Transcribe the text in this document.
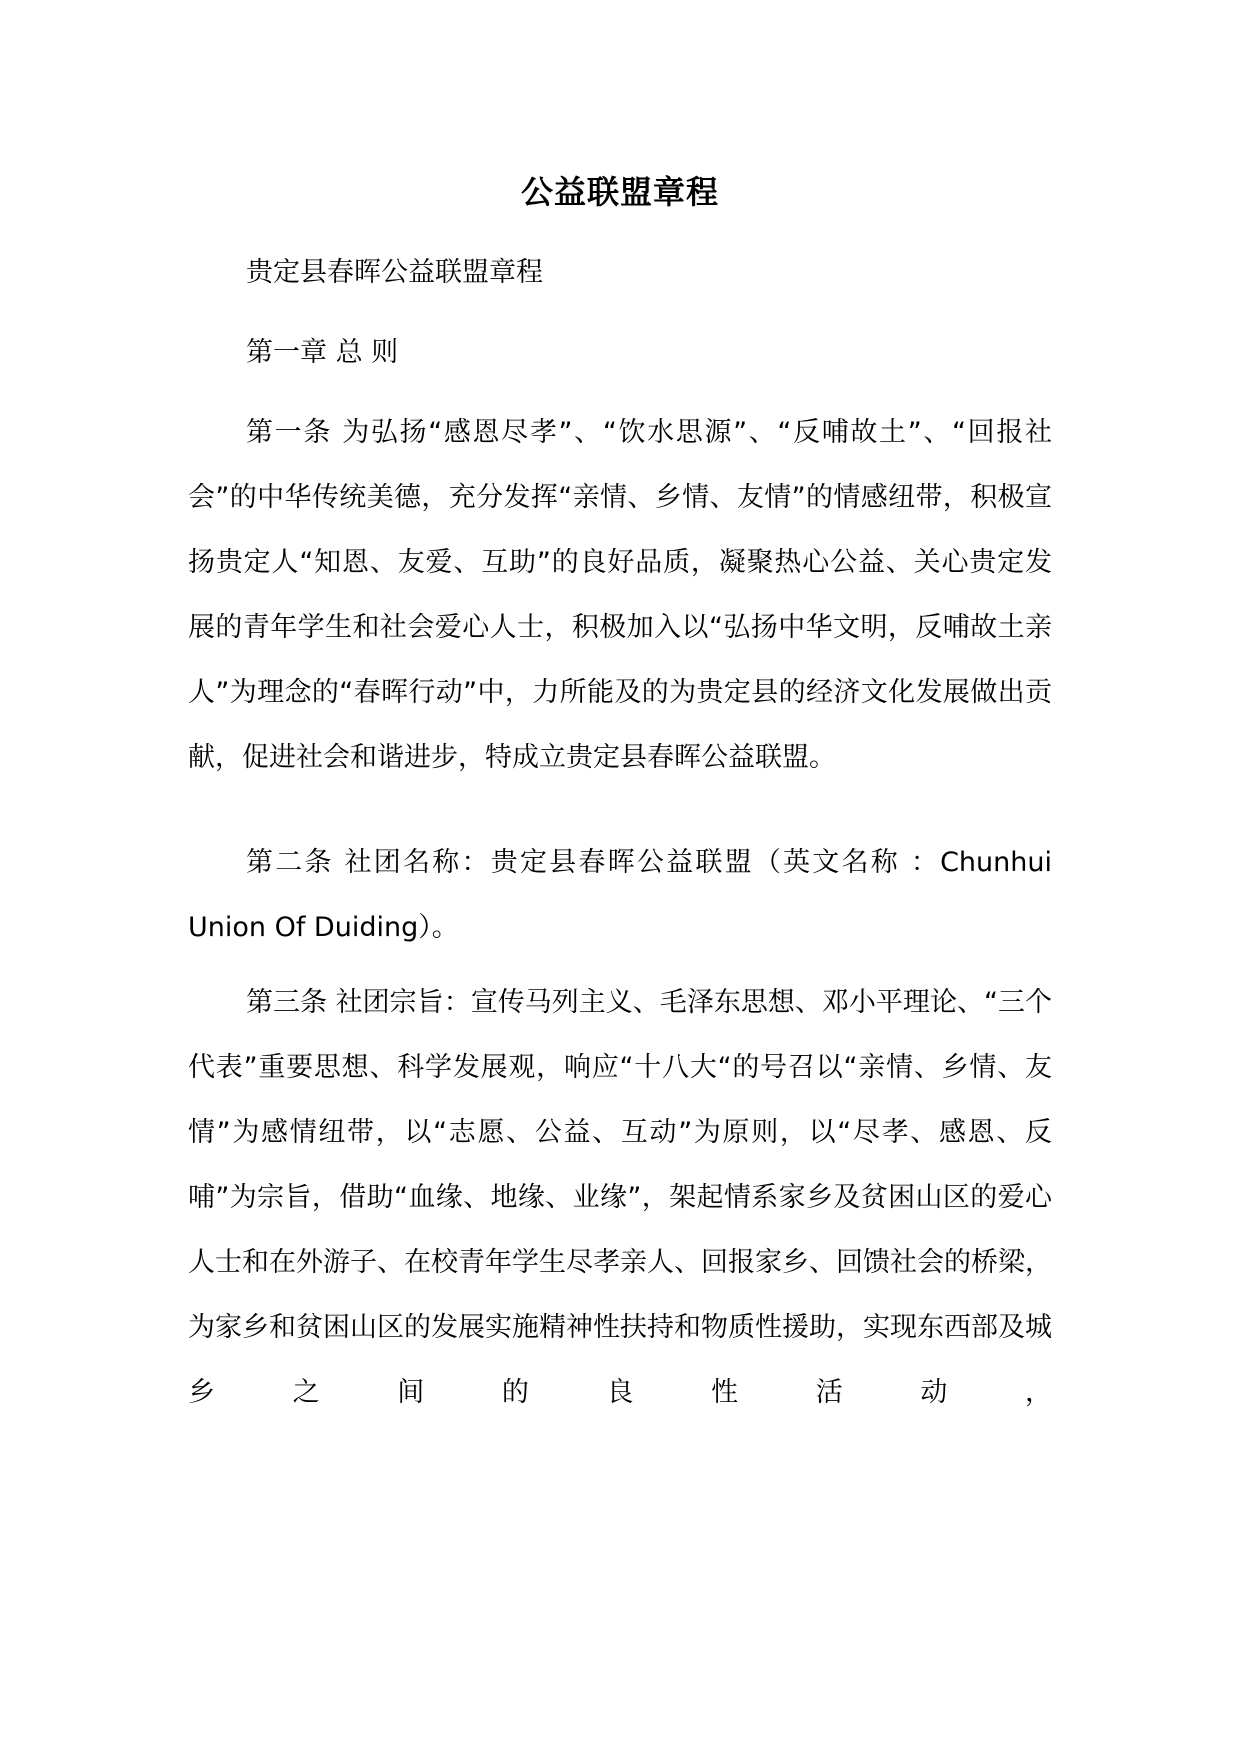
公益联盟章程

贵定县春晖公益联盟章程

第一章 总 则

第一条 为弘扬“感恩尽孝”、“饮水思源”、“反哺故土”、“回报社会”的中华传统美德，充分发挥“亲情、乡情、友情”的情感纽带，积极宣扬贵定人“知恩、友爱、互助”的良好品质，凝聚热心公益、关心贵定发展的青年学生和社会爱心人士，积极加入以“弘扬中华文明，反哺故土亲人”为理念的“春晖行动”中，力所能及的为贵定县的经济文化发展做出贡献，促进社会和谐进步，特成立贵定县春晖公益联盟。

第二条 社团名称：贵定县春晖公益联盟（英文名称 ：Chunhui Union Of Duiding）。

第三条 社团宗旨：宣传马列主义、毛泽东思想、邓小平理论、“三个代表”重要思想、科学发展观，响应“十八大“的号召以“亲情、乡情、友情”为感情纽带，以“志愿、公益、互动”为原则，以“尽孝、感恩、反哺”为宗旨，借助“血缘、地缘、业缘”，架起情系家乡及贫困山区的爱心人士和在外游子、在校青年学生尽孝亲人、回报家乡、回馈社会的桥梁，为家乡和贫困山区的发展实施精神性扶持和物质性援助，实现东西部及城乡之间的良性活动，
